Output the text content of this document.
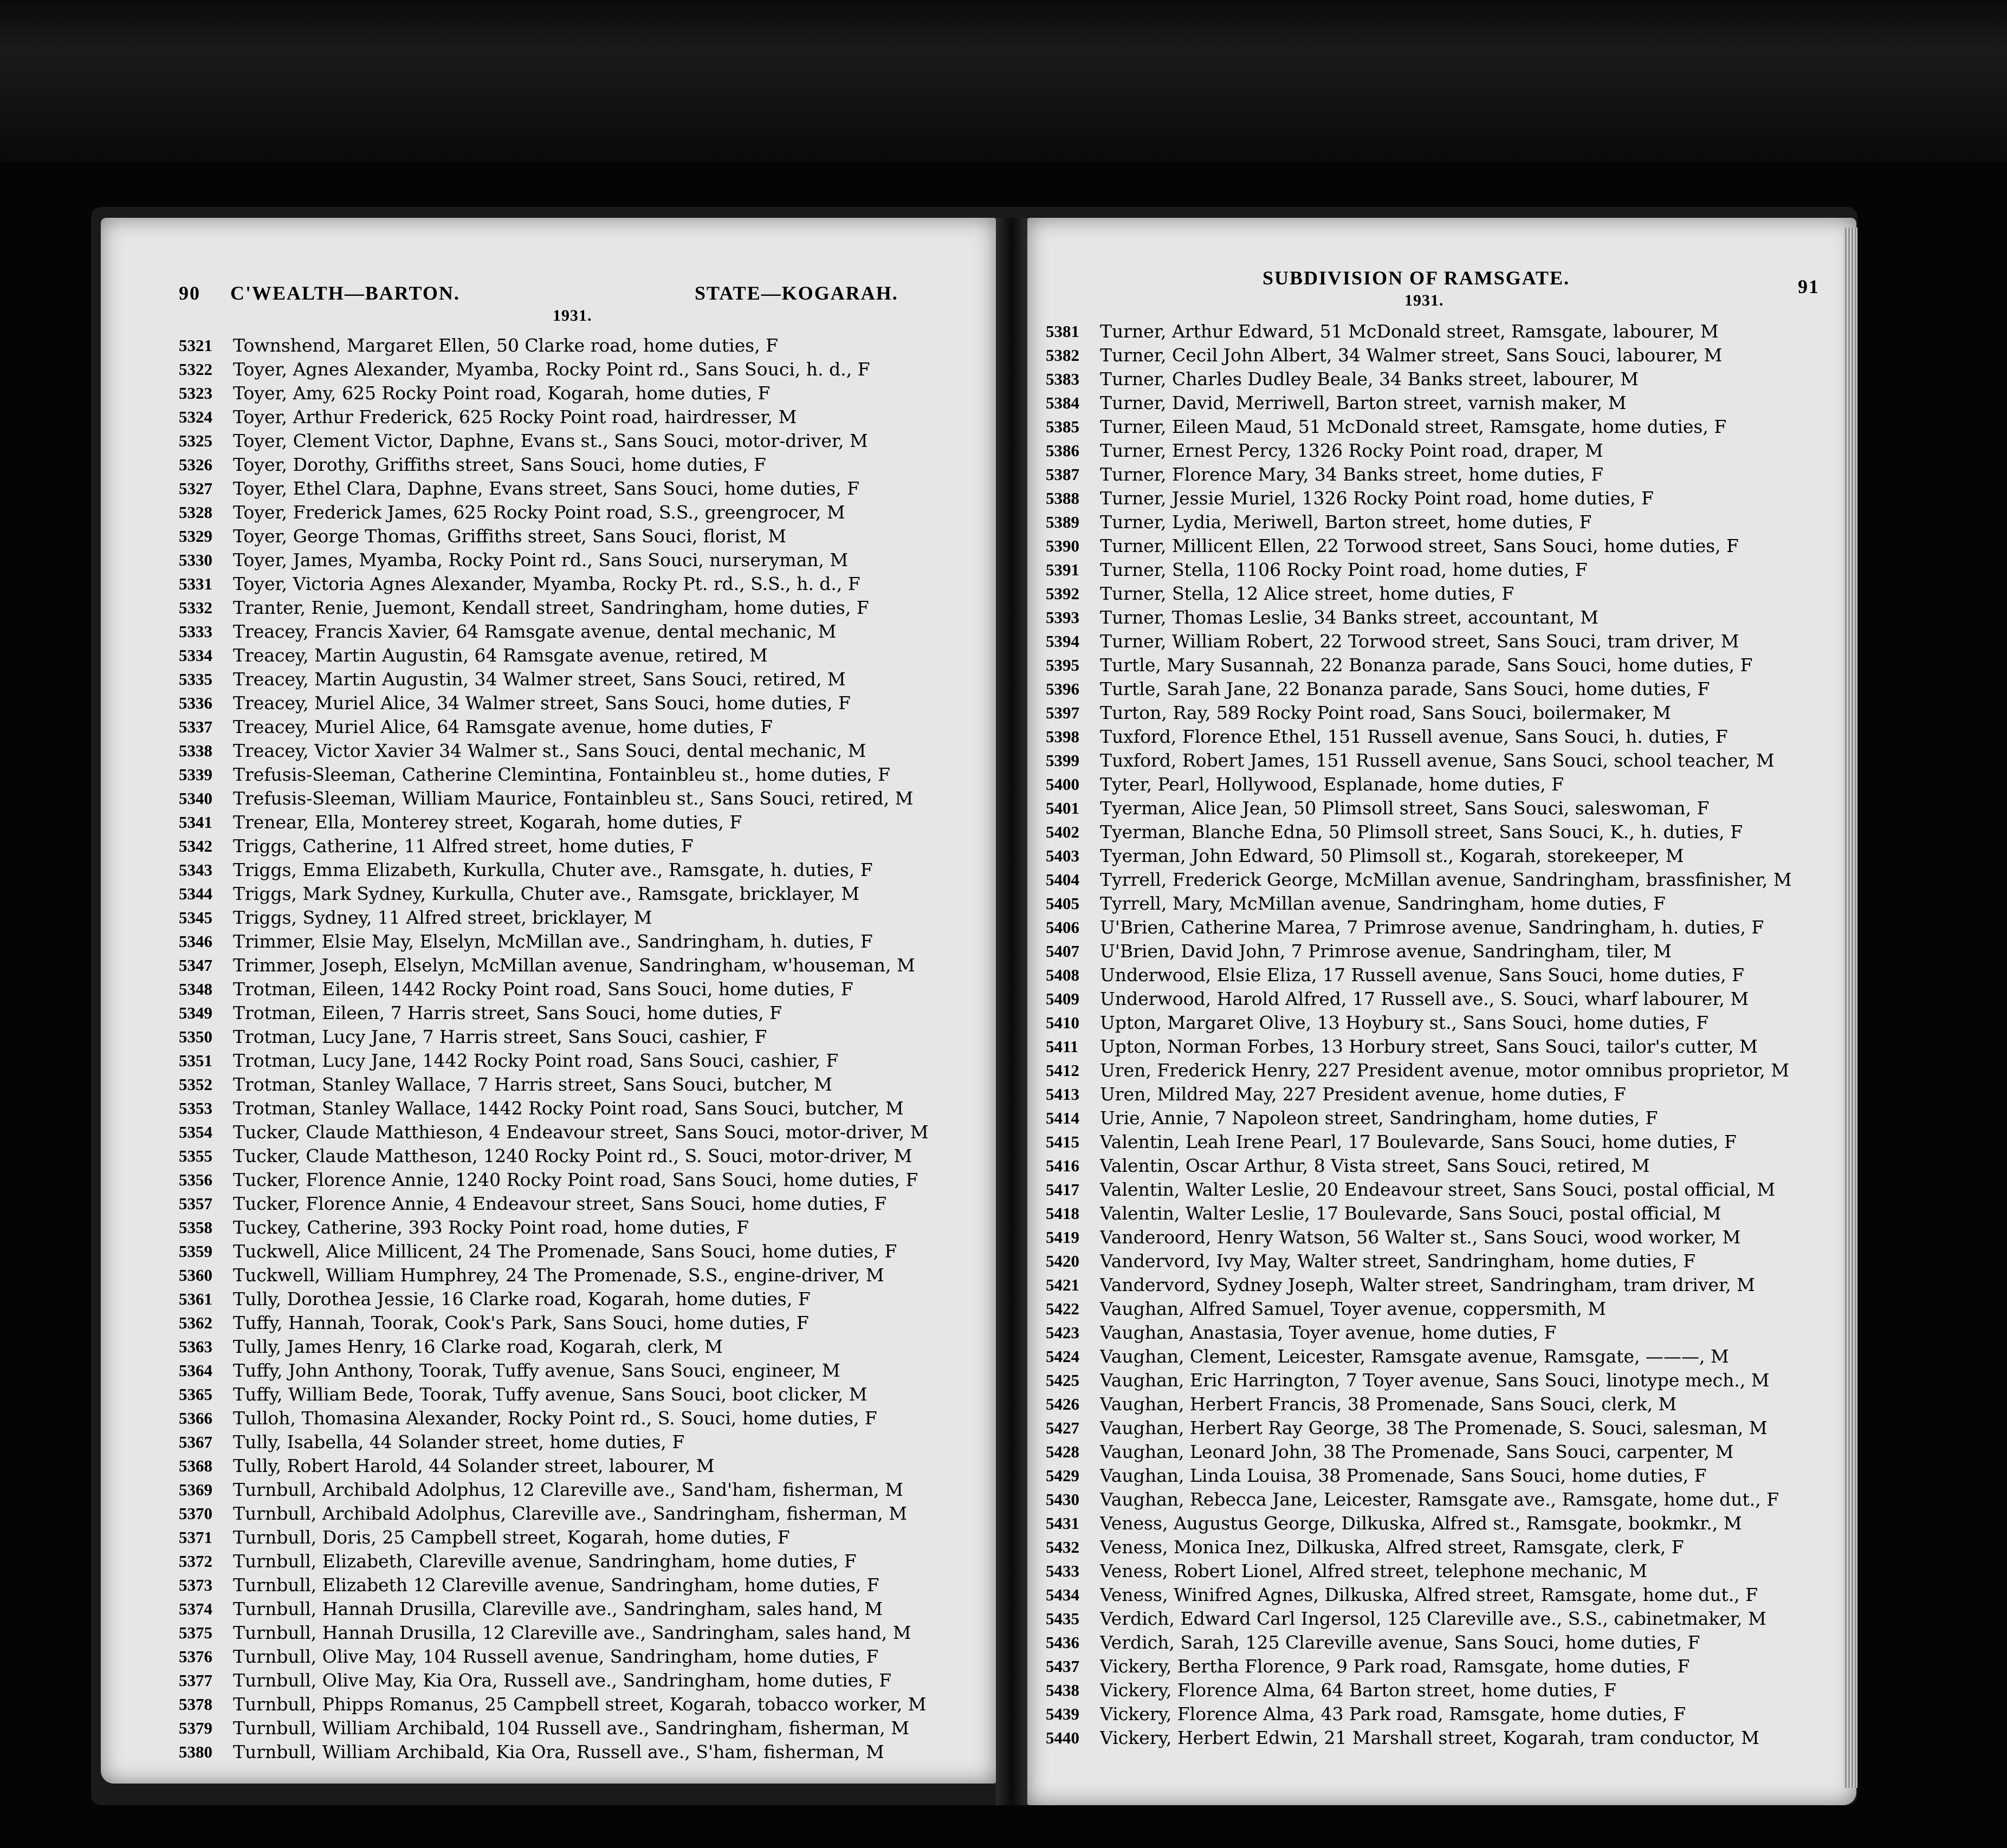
90 C'WEALTH—BARTON.	STATE—KOGARAH.
1931.
SUBDIVISION OF RAMSGATE.	91
1931.
5321	Townshend, Margaret Ellen, 50 Clarke road, home duties, F
5322	Toyer, Agnes Alexander, Myamba, Rocky Point rd., Sans Souci, h. d., F
5323	Toyer, Amy, 625 Rocky Point road, Kogarah, home duties, F
5324	Toyer, Arthur Frederick, 625 Rocky Point road, hairdresser, M
5325	Toyer, Clement Victor, Daphne, Evans st., Sans Souci, motor-driver, M
5326	Toyer, Dorothy, Griffiths street, Sans Souci, home duties, F
5327	Toyer, Ethel Clara, Daphne, Evans street, Sans Souci, home duties, F
5328	Toyer, Frederick James, 625 Rocky Point road, S.S., greengrocer, M
5329	Toyer, George Thomas, Griffiths street, Sans Souci, florist, M
5330	Toyer, James, Myamba, Rocky Point rd., Sans Souci, nurseryman, M
5331	Toyer, Victoria Agnes Alexander, Myamba, Rocky Pt. rd., S.S., h. d., F
5332	Tranter, Renie, Juemont, Kendall street, Sandringham, home duties, F
5333	Treacey, Francis Xavier, 64 Ramsgate avenue, dental mechanic, M
5334	Treacey, Martin Augustin, 64 Ramsgate avenue, retired, M
5335	Treacey, Martin Augustin, 34 Walmer street, Sans Souci, retired, M
5336	Treacey, Muriel Alice, 34 Walmer street, Sans Souci, home duties, F
5337	Treacey, Muriel Alice, 64 Ramsgate avenue, home duties, F
5338	Treacey, Victor Xavier 34 Walmer st., Sans Souci, dental mechanic, M
5339	Trefusis-Sleeman, Catherine Clemintina, Fontainbleu st., home duties, F
5340	Trefusis-Sleeman, William Maurice, Fontainbleu st., Sans Souci, retired, M
5341	Trenear, Ella, Monterey street, Kogarah, home duties, F
5342	Triggs, Catherine, 11 Alfred street, home duties, F
5343	Triggs, Emma Elizabeth, Kurkulla, Chuter ave., Ramsgate, h. duties, F
5344	Triggs, Mark Sydney, Kurkulla, Chuter ave., Ramsgate, bricklayer, M
5345	Triggs, Sydney, 11 Alfred street, bricklayer, M
5346	Trimmer, Elsie May, Elselyn, McMillan ave., Sandringham, h. duties, F
5347	Trimmer, Joseph, Elselyn, McMillan avenue, Sandringham, w'houseman, M
5348	Trotman, Eileen, 1442 Rocky Point road, Sans Souci, home duties, F
5349	Trotman, Eileen, 7 Harris street, Sans Souci, home duties, F
5350	Trotman, Lucy Jane, 7 Harris street, Sans Souci, cashier, F
5351	Trotman, Lucy Jane, 1442 Rocky Point road, Sans Souci, cashier, F
5352	Trotman, Stanley Wallace, 7 Harris street, Sans Souci, butcher, M
5353	Trotman, Stanley Wallace, 1442 Rocky Point road, Sans Souci, butcher, M
5354	Tucker, Claude Matthieson, 4 Endeavour street, Sans Souci, motor-driver, M
5355	Tucker, Claude Mattheson, 1240 Rocky Point rd., S. Souci, motor-driver, M
5356	Tucker, Florence Annie, 1240 Rocky Point road, Sans Souci, home duties, F
5357	Tucker, Florence Annie, 4 Endeavour street, Sans Souci, home duties, F
5358	Tuckey, Catherine, 393 Rocky Point road, home duties, F
5359	Tuckwell, Alice Millicent, 24 The Promenade, Sans Souci, home duties, F
5360	Tuckwell, William Humphrey, 24 The Promenade, S.S., engine-driver, M
5361	Tully, Dorothea Jessie, 16 Clarke road, Kogarah, home duties, F
5362	Tuffy, Hannah, Toorak, Cook's Park, Sans Souci, home duties, F
5363	Tully, James Henry, 16 Clarke road, Kogarah, clerk, M
5364	Tuffy, John Anthony, Toorak, Tuffy avenue, Sans Souci, engineer, M
5365	Tuffy, William Bede, Toorak, Tuffy avenue, Sans Souci, boot clicker, M
5366	Tulloh, Thomasina Alexander, Rocky Point rd., S. Souci, home duties, F
5367	Tully, Isabella, 44 Solander street, home duties, F
5368	Tully, Robert Harold, 44 Solander street, labourer, M
5369	Turnbull, Archibald Adolphus, 12 Clareville ave., Sand'ham, fisherman, M
5370	Turnbull, Archibald Adolphus, Clareville ave., Sandringham, fisherman, M
5371	Turnbull, Doris, 25 Campbell street, Kogarah, home duties, F
5372	Turnbull, Elizabeth, Clareville avenue, Sandringham, home duties, F
5373	Turnbull, Elizabeth 12 Clareville avenue, Sandringham, home duties, F
5374	Turnbull, Hannah Drusilla, Clareville ave., Sandringham, sales hand, M
5375	Turnbull, Hannah Drusilla, 12 Clareville ave., Sandringham, sales hand, M
5376	Turnbull, Olive May, 104 Russell avenue, Sandringham, home duties, F
5377	Turnbull, Olive May, Kia Ora, Russell ave., Sandringham, home duties, F
5378	Turnbull, Phipps Romanus, 25 Campbell street, Kogarah, tobacco worker, M
5379	Turnbull, William Archibald, 104 Russell ave., Sandringham, fisherman, M
5380	Turnbull, William Archibald, Kia Ora, Russell ave., S'ham, fisherman, M
5381	Turner, Arthur Edward, 51 McDonald street, Ramsgate, labourer, M
5382	Turner, Cecil John Albert, 34 Walmer street, Sans Souci, labourer, M
5383	Turner, Charles Dudley Beale, 34 Banks street, labourer, M
5384	Turner, David, Merriwell, Barton street, varnish maker, M
5385	Turner, Eileen Maud, 51 McDonald street, Ramsgate, home duties, F
5386	Turner, Ernest Percy, 1326 Rocky Point road, draper, M
5387	Turner, Florence Mary, 34 Banks street, home duties, F
5388	Turner, Jessie Muriel, 1326 Rocky Point road, home duties, F
5389	Turner, Lydia, Meriwell, Barton street, home duties, F
5390	Turner, Millicent Ellen, 22 Torwood street, Sans Souci, home duties, F
5391	Turner, Stella, 1106 Rocky Point road, home duties, F
5392	Turner, Stella, 12 Alice street, home duties, F
5393	Turner, Thomas Leslie, 34 Banks street, accountant, M
5394	Turner, William Robert, 22 Torwood street, Sans Souci, tram driver, M
5395	Turtle, Mary Susannah, 22 Bonanza parade, Sans Souci, home duties, F
5396	Turtle, Sarah Jane, 22 Bonanza parade, Sans Souci, home duties, F
5397	Turton, Ray, 589 Rocky Point road, Sans Souci, boilermaker, M
5398	Tuxford, Florence Ethel, 151 Russell avenue, Sans Souci, h. duties, F
5399	Tuxford, Robert James, 151 Russell avenue, Sans Souci, school teacher, M
5400	Tyter, Pearl, Hollywood, Esplanade, home duties, F
5401	Tyerman, Alice Jean, 50 Plimsoll street, Sans Souci, saleswoman, F
5402	Tyerman, Blanche Edna, 50 Plimsoll street, Sans Souci, K., h. duties, F
5403	Tyerman, John Edward, 50 Plimsoll st., Kogarah, storekeeper, M
5404	Tyrrell, Frederick George, McMillan avenue, Sandringham, brassfinisher, M
5405	Tyrrell, Mary, McMillan avenue, Sandringham, home duties, F
5406	U'Brien, Catherine Marea, 7 Primrose avenue, Sandringham, h. duties, F
5407	U'Brien, David John, 7 Primrose avenue, Sandringham, tiler, M
5408	Underwood, Elsie Eliza, 17 Russell avenue, Sans Souci, home duties, F
5409	Underwood, Harold Alfred, 17 Russell ave., S. Souci, wharf labourer, M
5410	Upton, Margaret Olive, 13 Hoybury st., Sans Souci, home duties, F
5411	Upton, Norman Forbes, 13 Horbury street, Sans Souci, tailor's cutter, M
5412	Uren, Frederick Henry, 227 President avenue, motor omnibus proprietor, M
5413	Uren, Mildred May, 227 President avenue, home duties, F
5414	Urie, Annie, 7 Napoleon street, Sandringham, home duties, F
5415	Valentin, Leah Irene Pearl, 17 Boulevarde, Sans Souci, home duties, F
5416	Valentin, Oscar Arthur, 8 Vista street, Sans Souci, retired, M
5417	Valentin, Walter Leslie, 20 Endeavour street, Sans Souci, postal official, M
5418	Valentin, Walter Leslie, 17 Boulevarde, Sans Souci, postal official, M
5419	Vanderoord, Henry Watson, 56 Walter st., Sans Souci, wood worker, M
5420	Vandervord, Ivy May, Walter street, Sandringham, home duties, F
5421	Vandervord, Sydney Joseph, Walter street, Sandringham, tram driver, M
5422	Vaughan, Alfred Samuel, Toyer avenue, coppersmith, M
5423	Vaughan, Anastasia, Toyer avenue, home duties, F
5424	Vaughan, Clement, Leicester, Ramsgate avenue, Ramsgate, ———, M
5425	Vaughan, Eric Harrington, 7 Toyer avenue, Sans Souci, linotype mech., M
5426	Vaughan, Herbert Francis, 38 Promenade, Sans Souci, clerk, M
5427	Vaughan, Herbert Ray George, 38 The Promenade, S. Souci, salesman, M
5428	Vaughan, Leonard John, 38 The Promenade, Sans Souci, carpenter, M
5429	Vaughan, Linda Louisa, 38 Promenade, Sans Souci, home duties, F
5430	Vaughan, Rebecca Jane, Leicester, Ramsgate ave., Ramsgate, home dut., F
5431	Veness, Augustus George, Dilkuska, Alfred st., Ramsgate, bookmkr., M
5432	Veness, Monica Inez, Dilkuska, Alfred street, Ramsgate, clerk, F
5433	Veness, Robert Lionel, Alfred street, telephone mechanic, M
5434	Veness, Winifred Agnes, Dilkuska, Alfred street, Ramsgate, home dut., F
5435	Verdich, Edward Carl Ingersol, 125 Clareville ave., S.S., cabinetmaker, M
5436	Verdich, Sarah, 125 Clareville avenue, Sans Souci, home duties, F
5437	Vickery, Bertha Florence, 9 Park road, Ramsgate, home duties, F
5438	Vickery, Florence Alma, 64 Barton street, home duties, F
5439	Vickery, Florence Alma, 43 Park road, Ramsgate, home duties, F
5440	Vickery, Herbert Edwin, 21 Marshall street, Kogarah, tram conductor, M
